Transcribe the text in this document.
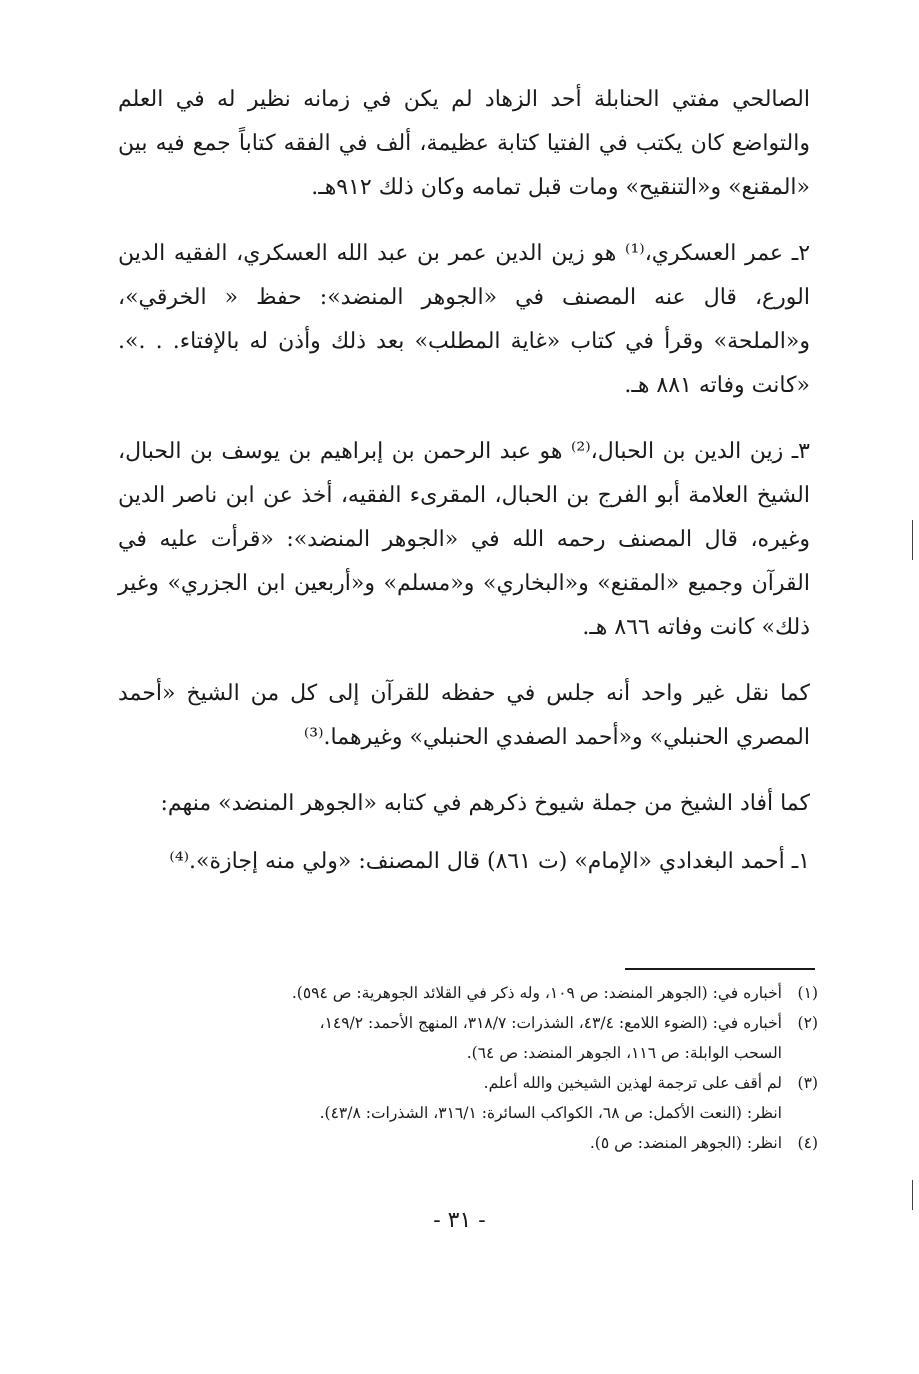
الصالحي مفتي الحنابلة أحد الزهاد لم يكن في زمانه نظير له في العلم والتواضع كان يكتب في الفتيا كتابة عظيمة، ألف في الفقه كتاباً جمع فيه بين «المقنع» و«التنقيح» ومات قبل تمامه وكان ذلك ٩١٢هـ.

٢ـ عمر العسكري،⁽¹⁾ هو زين الدين عمر بن عبد الله العسكري، الفقيه الدين الورع، قال عنه المصنف في «الجوهر المنضد»: حفظ « الخرقي»، و«الملحة» وقرأ في كتاب «غاية المطلب» بعد ذلك وأذن له بالإفتاء. . .». «كانت وفاته ٨٨١ هـ.

٣ـ زين الدين بن الحبال،⁽²⁾ هو عبد الرحمن بن إبراهيم بن يوسف بن الحبال، الشيخ العلامة أبو الفرج بن الحبال، المقرىء الفقيه، أخذ عن ابن ناصر الدين وغيره، قال المصنف رحمه الله في «الجوهر المنضد»: «قرأت عليه في القرآن وجميع «المقنع» و«البخاري» و«مسلم» و«أربعين ابن الجزري» وغير ذلك» كانت وفاته ٨٦٦ هـ.

كما نقل غير واحد أنه جلس في حفظه للقرآن إلى كل من الشيخ «أحمد المصري الحنبلي» و«أحمد الصفدي الحنبلي» وغيرهما.⁽³⁾

كما أفاد الشيخ من جملة شيوخ ذكرهم في كتابه «الجوهر المنضد» منهم:

١ـ أحمد البغدادي «الإمام» (ت ٨٦١) قال المصنف: «ولي منه إجازة».⁽⁴⁾

(١)
أخباره في: (الجوهر المنضد: ص ١٠٩، وله ذكر في القلائد الجوهرية: ص ٥٩٤).
(٢)
أخباره في: (الضوء اللامع: ٤٣/٤، الشذرات: ٣١٨/٧، المنهج الأحمد: ١٤٩/٢،
السحب الوابلة: ص ١١٦، الجوهر المنضد: ص ٦٤).
(٣)
لم أقف على ترجمة لهذين الشيخين والله أعلم.
انظر: (النعت الأكمل: ص ٦٨، الكواكب السائرة: ٣١٦/١، الشذرات: ٤٣/٨).
(٤)
انظر: (الجوهر المنضد: ص ٥).
- ٣١ -
